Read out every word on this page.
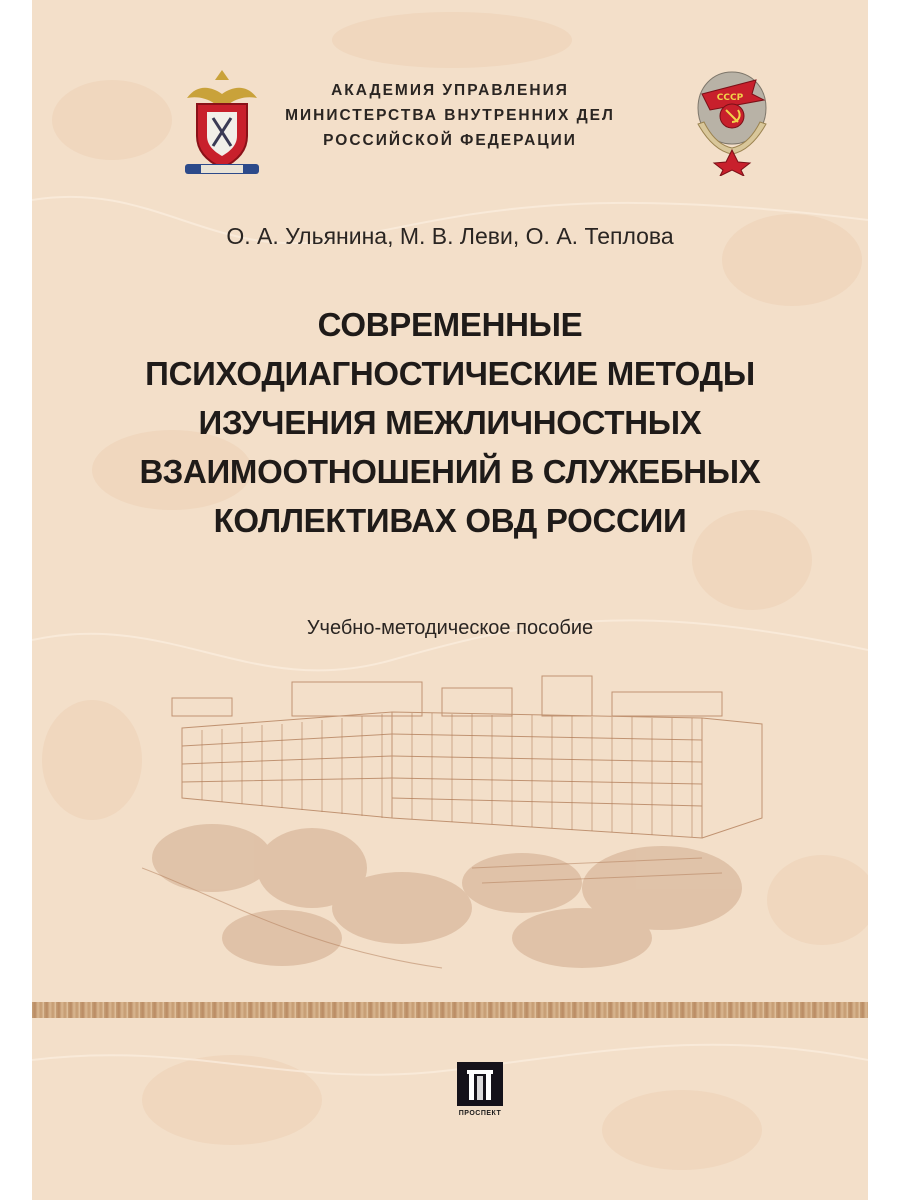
АКАДЕМИЯ УПРАВЛЕНИЯ
МИНИСТЕРСТВА ВНУТРЕННИХ ДЕЛ
РОССИЙСКОЙ ФЕДЕРАЦИИ
СССР
О. А. Ульянина, М. В. Леви, О. А. Теплова
СОВРЕМЕННЫЕ
ПСИХОДИАГНОСТИЧЕСКИЕ МЕТОДЫ
ИЗУЧЕНИЯ МЕЖЛИЧНОСТНЫХ
ВЗАИМООТНОШЕНИЙ В СЛУЖЕБНЫХ
КОЛЛЕКТИВАХ ОВД РОССИИ
Учебно-методическое пособие
ПРОСПЕКТ
